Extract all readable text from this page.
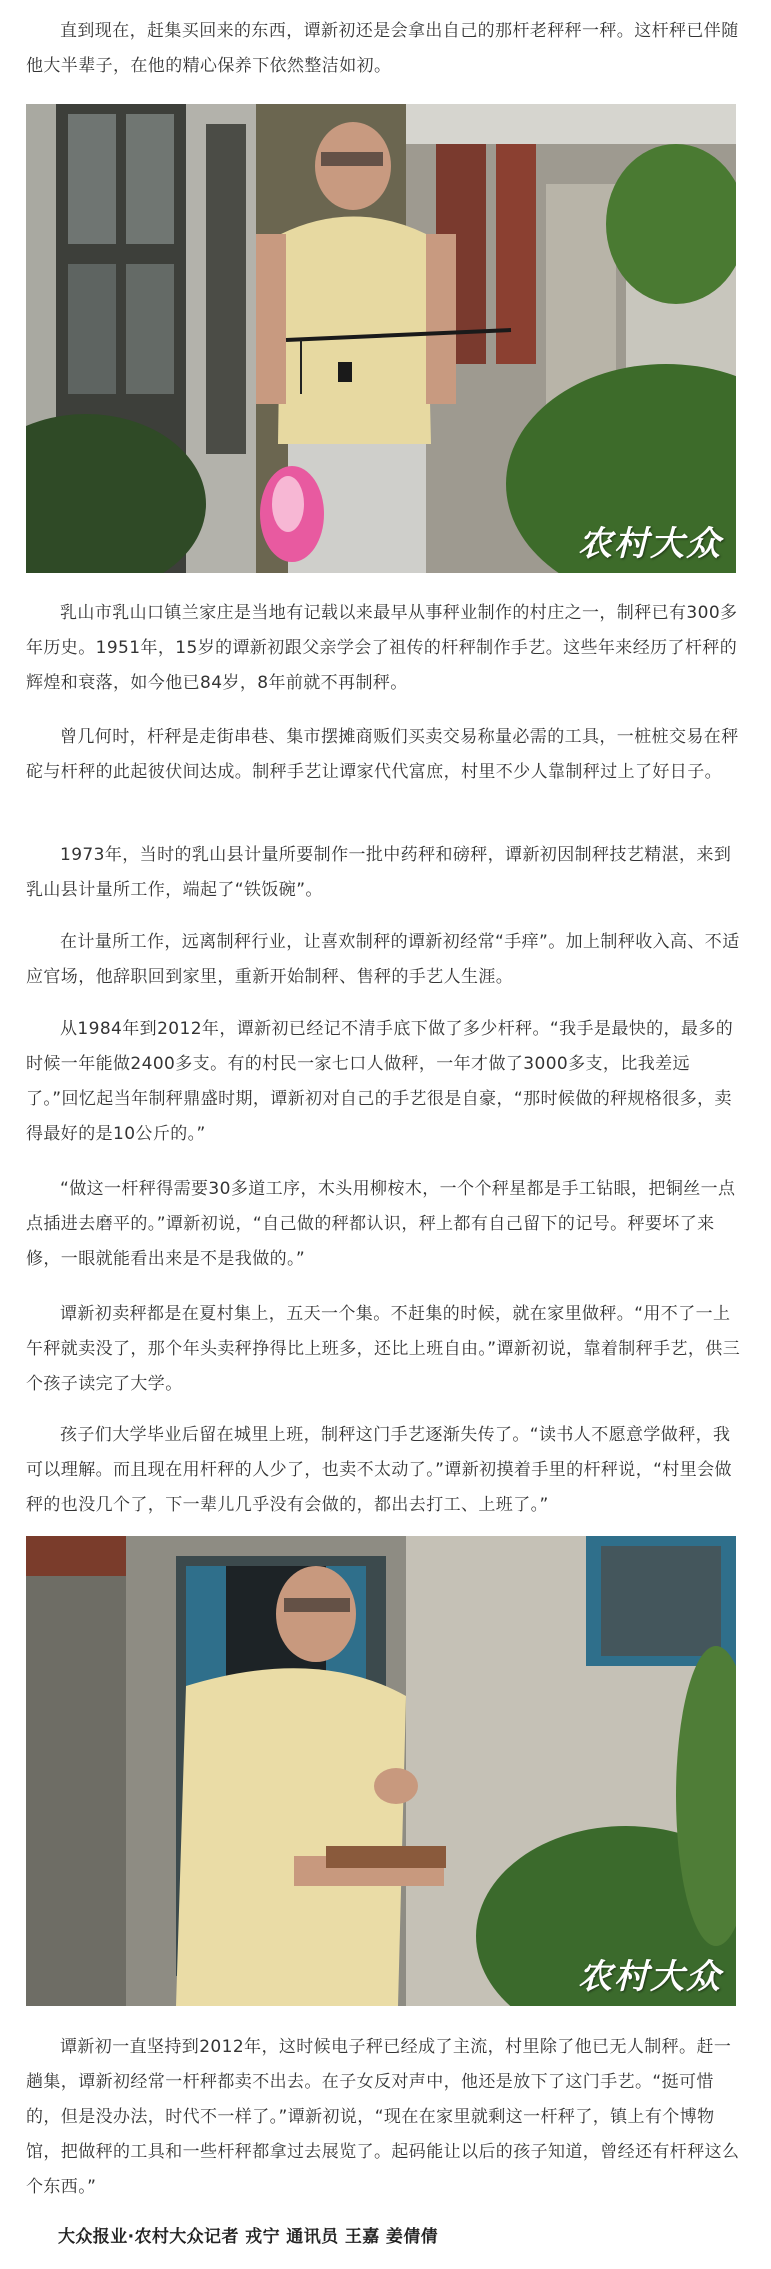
直到现在，赶集买回来的东西，谭新初还是会拿出自己的那杆老秤秤一秤。这杆秤已伴随他大半辈子，在他的精心保养下依然整洁如初。

农村大众

乳山市乳山口镇兰家庄是当地有记载以来最早从事秤业制作的村庄之一，制秤已有300多年历史。1951年，15岁的谭新初跟父亲学会了祖传的杆秤制作手艺。这些年来经历了杆秤的辉煌和衰落，如今他已84岁，8年前就不再制秤。

曾几何时，杆秤是走街串巷、集市摆摊商贩们买卖交易称量必需的工具，一桩桩交易在秤砣与杆秤的此起彼伏间达成。制秤手艺让谭家代代富庶，村里不少人靠制秤过上了好日子。

1973年，当时的乳山县计量所要制作一批中药秤和磅秤，谭新初因制秤技艺精湛，来到乳山县计量所工作，端起了“铁饭碗”。

在计量所工作，远离制秤行业，让喜欢制秤的谭新初经常“手痒”。加上制秤收入高、不适应官场，他辞职回到家里，重新开始制秤、售秤的手艺人生涯。

从1984年到2012年，谭新初已经记不清手底下做了多少杆秤。“我手是最快的，最多的时候一年能做2400多支。有的村民一家七口人做秤，一年才做了3000多支，比我差远了。”回忆起当年制秤鼎盛时期，谭新初对自己的手艺很是自豪，“那时候做的秤规格很多，卖得最好的是10公斤的。”

“做这一杆秤得需要30多道工序，木头用柳桉木，一个个秤星都是手工钻眼，把铜丝一点点插进去磨平的。”谭新初说，“自己做的秤都认识，秤上都有自己留下的记号。秤要坏了来修，一眼就能看出来是不是我做的。”

谭新初卖秤都是在夏村集上，五天一个集。不赶集的时候，就在家里做秤。“用不了一上午秤就卖没了，那个年头卖秤挣得比上班多，还比上班自由。”谭新初说，靠着制秤手艺，供三个孩子读完了大学。

孩子们大学毕业后留在城里上班，制秤这门手艺逐渐失传了。“读书人不愿意学做秤，我可以理解。而且现在用杆秤的人少了，也卖不太动了。”谭新初摸着手里的杆秤说，“村里会做秤的也没几个了，下一辈儿几乎没有会做的，都出去打工、上班了。”

农村大众

谭新初一直坚持到2012年，这时候电子秤已经成了主流，村里除了他已无人制秤。赶一趟集，谭新初经常一杆秤都卖不出去。在子女反对声中，他还是放下了这门手艺。“挺可惜的，但是没办法，时代不一样了。”谭新初说，“现在在家里就剩这一杆秤了，镇上有个博物馆，把做秤的工具和一些杆秤都拿过去展览了。起码能让以后的孩子知道，曾经还有杆秤这么个东西。”

大众报业·农村大众记者 戎宁 通讯员 王嘉 姜倩倩
